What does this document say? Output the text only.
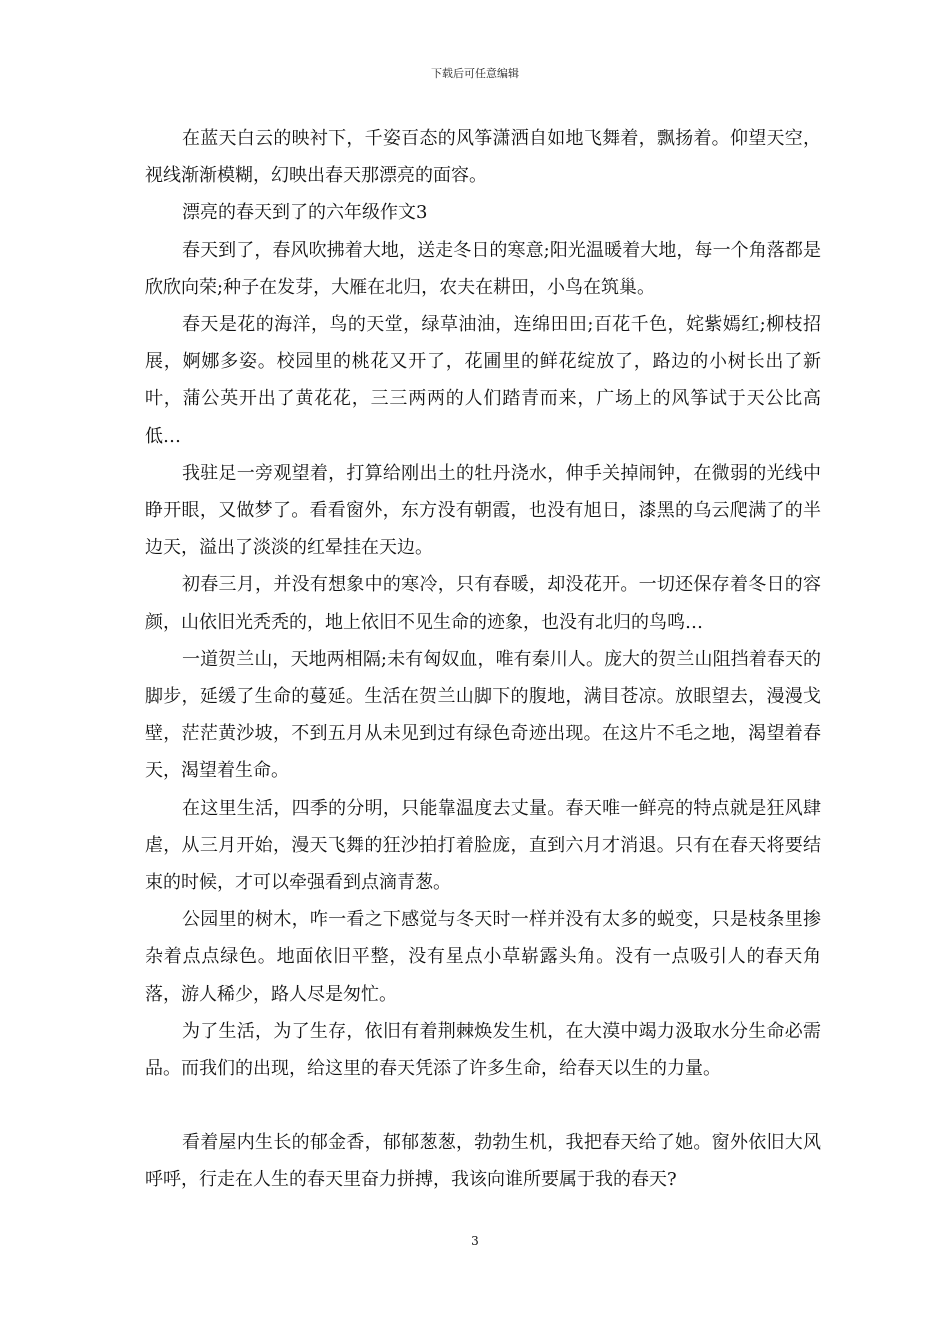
下载后可任意编辑

在蓝天白云的映衬下，千姿百态的风筝潇洒自如地飞舞着，飘扬着。仰望天空，视线渐渐模糊，幻映出春天那漂亮的面容。

漂亮的春天到了的六年级作文3

春天到了，春风吹拂着大地，送走冬日的寒意;阳光温暖着大地，每一个角落都是欣欣向荣;种子在发芽，大雁在北归，农夫在耕田，小鸟在筑巢。

春天是花的海洋，鸟的天堂，绿草油油，连绵田田;百花千色，姹紫嫣红;柳枝招展，婀娜多姿。校园里的桃花又开了，花圃里的鲜花绽放了，路边的小树长出了新叶，蒲公英开出了黄花花，三三两两的人们踏青而来，广场上的风筝试于天公比高低…

我驻足一旁观望着，打算给刚出土的牡丹浇水，伸手关掉闹钟，在微弱的光线中睁开眼，又做梦了。看看窗外，东方没有朝霞，也没有旭日，漆黑的乌云爬满了的半边天，溢出了淡淡的红晕挂在天边。

初春三月，并没有想象中的寒冷，只有春暖，却没花开。一切还保存着冬日的容颜，山依旧光秃秃的，地上依旧不见生命的迹象，也没有北归的鸟鸣…

一道贺兰山，天地两相隔;未有匈奴血，唯有秦川人。庞大的贺兰山阻挡着春天的脚步，延缓了生命的蔓延。生活在贺兰山脚下的腹地，满目苍凉。放眼望去，漫漫戈壁，茫茫黄沙坡，不到五月从未见到过有绿色奇迹出现。在这片不毛之地，渴望着春天，渴望着生命。

在这里生活，四季的分明，只能靠温度去丈量。春天唯一鲜亮的特点就是狂风肆虐，从三月开始，漫天飞舞的狂沙拍打着脸庞，直到六月才消退。只有在春天将要结束的时候，才可以牵强看到点滴青葱。

公园里的树木，咋一看之下感觉与冬天时一样并没有太多的蜕变，只是枝条里掺杂着点点绿色。地面依旧平整，没有星点小草崭露头角。没有一点吸引人的春天角落，游人稀少，路人尽是匆忙。

为了生活，为了生存，依旧有着荆棘焕发生机，在大漠中竭力汲取水分生命必需品。而我们的出现，给这里的春天凭添了许多生命，给春天以生的力量。

看着屋内生长的郁金香，郁郁葱葱，勃勃生机，我把春天给了她。窗外依旧大风呼呼，行走在人生的春天里奋力拼搏，我该向谁所要属于我的春天?

3
